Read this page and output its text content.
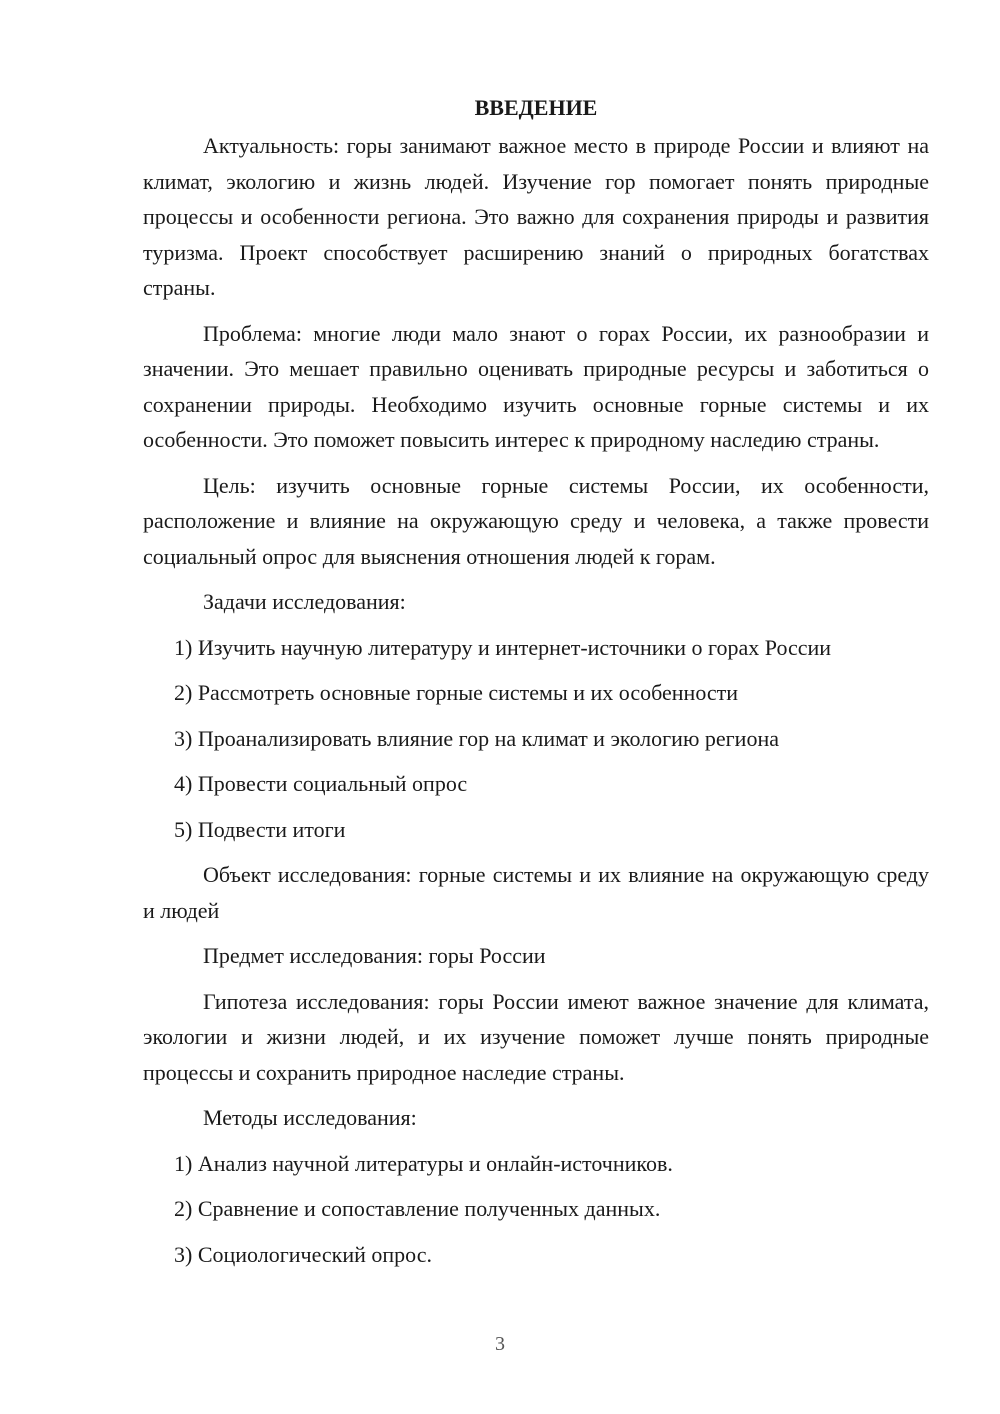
ВВЕДЕНИЕ

Актуальность: горы занимают важное место в природе России и влияют на климат, экологию и жизнь людей. Изучение гор помогает понять природные процессы и особенности региона. Это важно для сохранения природы и развития туризма. Проект способствует расширению знаний о природных богатствах страны.

Проблема: многие люди мало знают о горах России, их разнообразии и значении. Это мешает правильно оценивать природные ресурсы и заботиться о сохранении природы. Необходимо изучить основные горные системы и их особенности. Это поможет повысить интерес к природному наследию страны.

Цель: изучить основные горные системы России, их особенности, расположение и влияние на окружающую среду и человека, а также провести социальный опрос для выяснения отношения людей к горам.

Задачи исследования:

1) Изучить научную литературу и интернет-источники о горах России
2) Рассмотреть основные горные системы и их особенности
3) Проанализировать влияние гор на климат и экологию региона
4) Провести социальный опрос
5) Подвести итоги

Объект исследования: горные системы и их влияние на окружающую среду и людей

Предмет исследования: горы России

Гипотеза исследования: горы России имеют важное значение для климата, экологии и жизни людей, и их изучение поможет лучше понять природные процессы и сохранить природное наследие страны.

Методы исследования:

1) Анализ научной литературы и онлайн-источников.
2) Сравнение и сопоставление полученных данных.
3) Социологический опрос.
3
